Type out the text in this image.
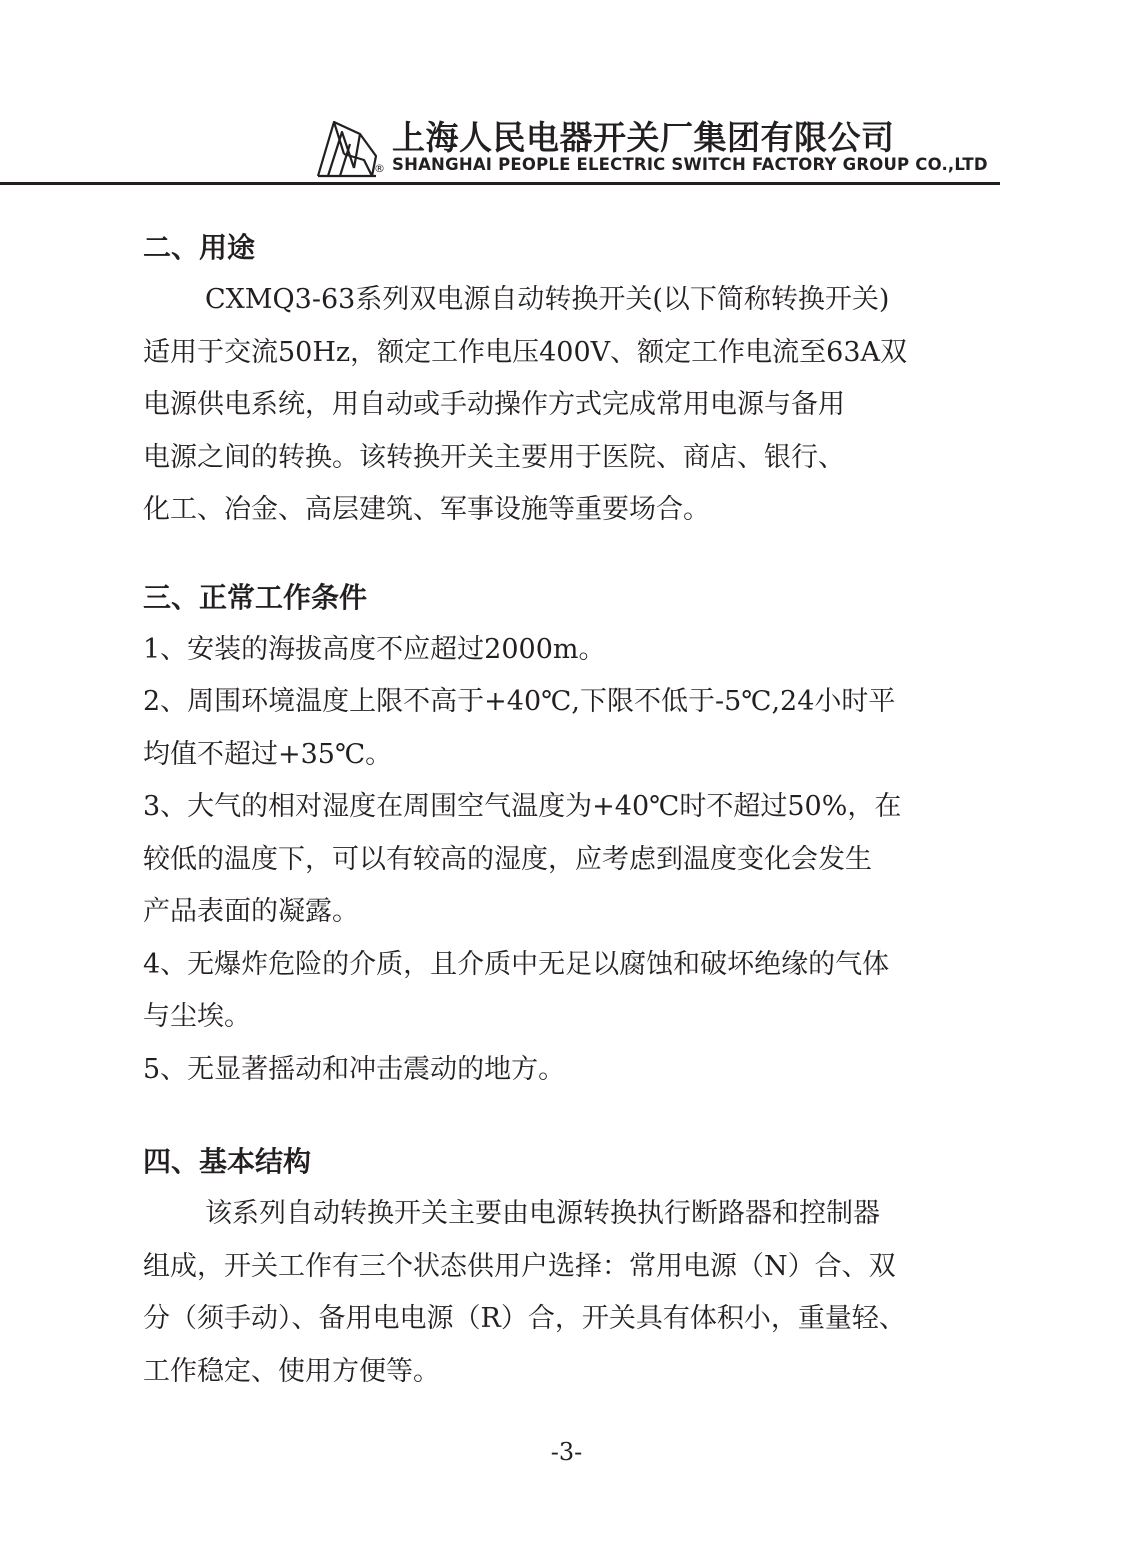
上海人民电器开关厂集团有限公司
® SHANGHAI PEOPLE ELECTRIC SWITCH FACTORY GROUP CO.,LTD
二、用途

CXMQ3-63系列双电源自动转换开关(以下简称转换开关)

适用于交流50Hz，额定工作电压400V、额定工作电流至63A双

电源供电系统，用自动或手动操作方式完成常用电源与备用

电源之间的转换。该转换开关主要用于医院、商店、银行、

化工、冶金、高层建筑、军事设施等重要场合。

三、正常工作条件

1、安装的海拔高度不应超过2000m。

2、周围环境温度上限不高于+40℃,下限不低于-5℃,24小时平

均值不超过+35℃。

3、大气的相对湿度在周围空气温度为+40℃时不超过50%，在

较低的温度下，可以有较高的湿度，应考虑到温度变化会发生

产品表面的凝露。

4、无爆炸危险的介质，且介质中无足以腐蚀和破坏绝缘的气体

与尘埃。

5、无显著摇动和冲击震动的地方。

四、基本结构

该系列自动转换开关主要由电源转换执行断路器和控制器

组成，开关工作有三个状态供用户选择：常用电源（N）合、双

分（须手动）、备用电电源（R）合，开关具有体积小，重量轻、

工作稳定、使用方便等。

-3-
